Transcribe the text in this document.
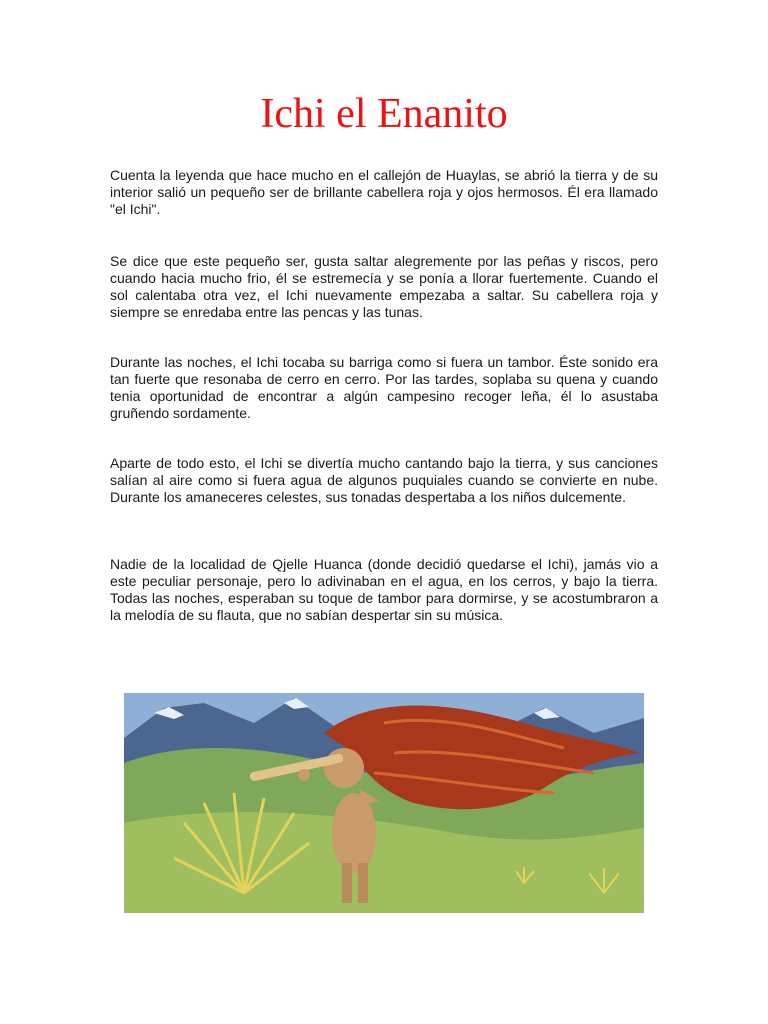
Ichi el Enanito

Cuenta la leyenda que hace mucho en el callejón de Huaylas, se abrió la tierra y de su interior salió un pequeño ser de brillante cabellera roja y ojos hermosos. Él era llamado "el Ichi".

Se dice que este pequeño ser, gusta saltar alegremente por las peñas y riscos, pero cuando hacia mucho frio, él se estremecía y se ponía a llorar fuertemente. Cuando el sol calentaba otra vez, el Ichi nuevamente empezaba a saltar. Su cabellera roja y siempre se enredaba entre las pencas y las tunas.

Durante las noches, el Ichi tocaba su barriga como si fuera un tambor. Éste sonido era tan fuerte que resonaba de cerro en cerro. Por las tardes, soplaba su quena y cuando tenia oportunidad de encontrar a algún campesino recoger leña, él lo asustaba gruñendo sordamente.

Aparte de todo esto, el Ichi se divertía mucho cantando bajo la tierra, y sus canciones salían al aire como si fuera agua de algunos puquiales cuando se convierte en nube. Durante los amaneceres celestes, sus tonadas despertaba a los niños dulcemente.

Nadie de la localidad de Qjelle Huanca (donde decidió quedarse el Ichi), jamás vio a este peculiar personaje, pero lo adivinaban en el agua, en los cerros, y bajo la tierra. Todas las noches, esperaban su toque de tambor para dormirse, y se acostumbraron a la melodía de su flauta, que no sabían despertar sin su música.
